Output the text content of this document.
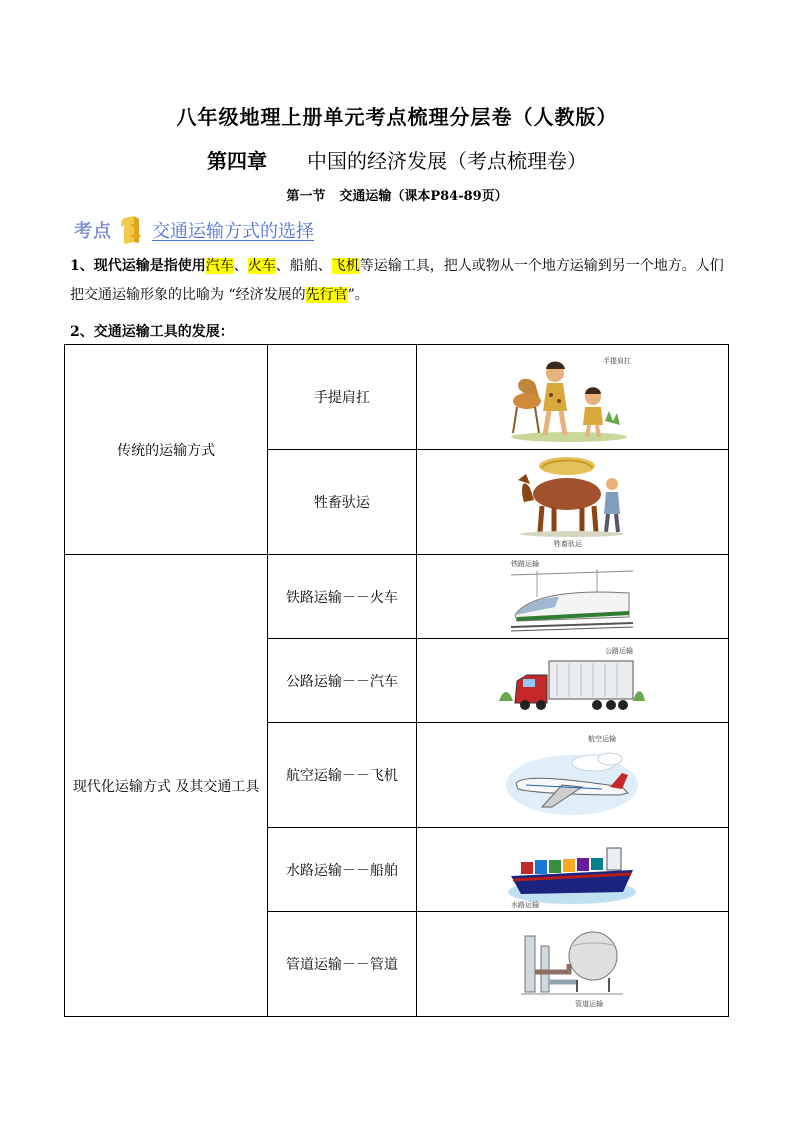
八年级地理上册单元考点梳理分层卷（人教版）
第四章 中国的经济发展（考点梳理卷）
第一节 交通运输（课本P84-89页）
考点 1 交通运输方式的选择
1、现代运输是指使用汽车、火车、船舶、飞机等运输工具，把人或物从一个地方运输到另一个地方。人们把交通运输形象的比喻为 “经济发展的先行官”。
2、交通运输工具的发展：
传统的运输方式	手提肩扛	手提肩扛

	牲畜驮运	牲畜驮运

现代化运输方式 及其交通工具	铁路运输－－火车	铁路运输

	公路运输－－汽车	公路运输

	航空运输－－飞机	航空运输

	水路运输－－船舶	水路运输

	管道运输－－管道	管道运输
